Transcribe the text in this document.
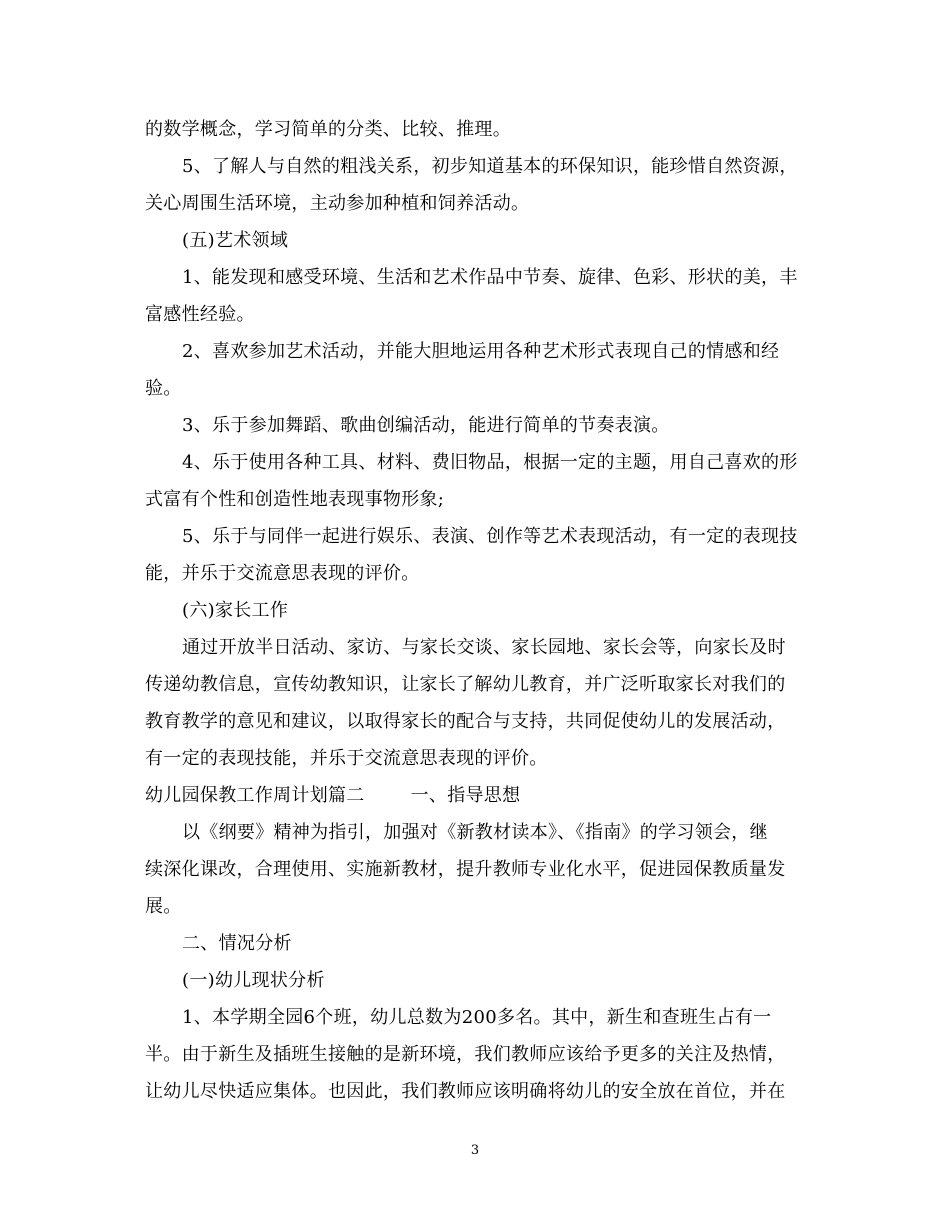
的数学概念，学习简单的分类、比较、推理。
5、了解人与自然的粗浅关系，初步知道基本的环保知识，能珍惜自然资源，
关心周围生活环境，主动参加种植和饲养活动。
(五)艺术领域
1、能发现和感受环境、生活和艺术作品中节奏、旋律、色彩、形状的美，丰
富感性经验。
2、喜欢参加艺术活动，并能大胆地运用各种艺术形式表现自己的情感和经
验。
3、乐于参加舞蹈、歌曲创编活动，能进行简单的节奏表演。
4、乐于使用各种工具、材料、费旧物品，根据一定的主题，用自己喜欢的形
式富有个性和创造性地表现事物形象;
5、乐于与同伴一起进行娱乐、表演、创作等艺术表现活动，有一定的表现技
能，并乐于交流意思表现的评价。
(六)家长工作
通过开放半日活动、家访、与家长交谈、家长园地、家长会等，向家长及时
传递幼教信息，宣传幼教知识，让家长了解幼儿教育，并广泛听取家长对我们的
教育教学的意见和建议，以取得家长的配合与支持，共同促使幼儿的发展活动，
有一定的表现技能，并乐于交流意思表现的评价。
幼儿园保教工作周计划篇二	一、指导思想
以《纲要》精神为指引，加强对《新教材读本》、《指南》的学习领会，继
续深化课改，合理使用、实施新教材，提升教师专业化水平，促进园保教质量发
展。
二、情况分析
(一)幼儿现状分析
1、本学期全园6个班，幼儿总数为200多名。其中，新生和查班生占有一
半。由于新生及插班生接触的是新环境，我们教师应该给予更多的关注及热情，
让幼儿尽快适应集体。也因此，我们教师应该明确将幼儿的安全放在首位，并在
3
